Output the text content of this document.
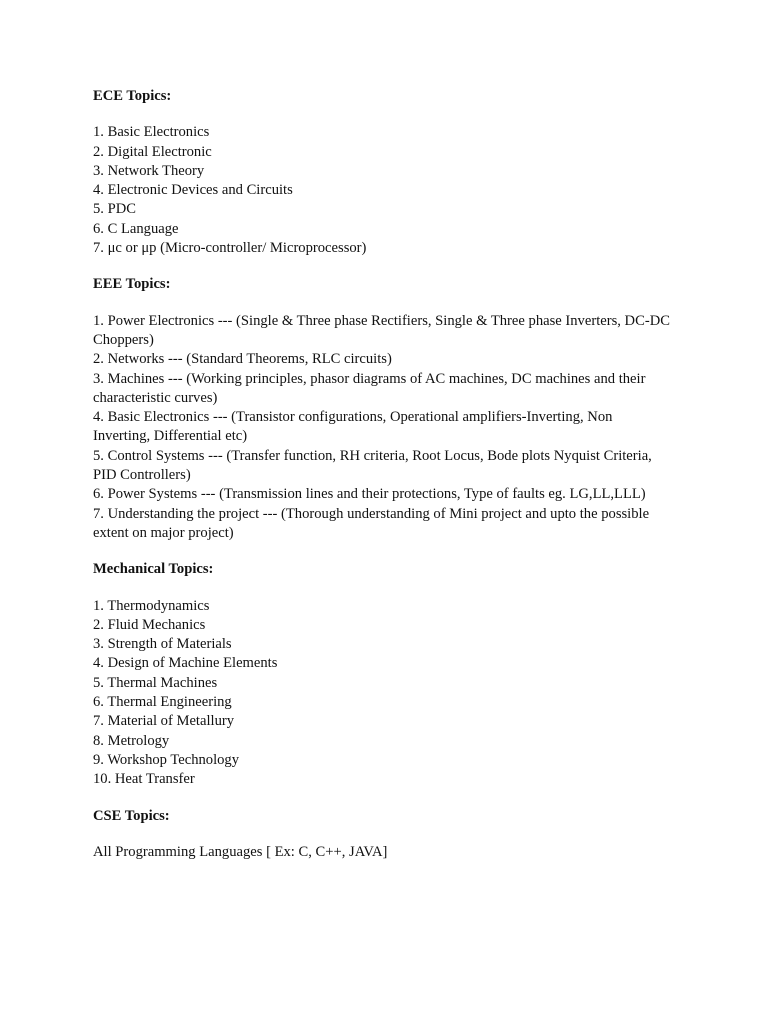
ECE Topics:

1. Basic Electronics
2. Digital Electronic
3. Network Theory
4. Electronic Devices and Circuits
5. PDC
6. C Language
7. μc or μp (Micro-controller/ Microprocessor)

EEE Topics:

1. Power Electronics --- (Single & Three phase Rectifiers, Single & Three phase Inverters, DC-DC Choppers)
2. Networks --- (Standard Theorems, RLC circuits)
3. Machines --- (Working principles, phasor diagrams of AC machines, DC machines and their characteristic curves)
4. Basic Electronics --- (Transistor configurations, Operational amplifiers-Inverting, Non Inverting, Differential etc)
5. Control Systems --- (Transfer function, RH criteria, Root Locus, Bode plots Nyquist Criteria, PID Controllers)
6. Power Systems --- (Transmission lines and their protections, Type of faults eg. LG,LL,LLL)
7. Understanding the project --- (Thorough understanding of Mini project and upto the possible extent on major project)

Mechanical Topics:

1. Thermodynamics
2. Fluid Mechanics
3. Strength of Materials
4. Design of Machine Elements
5. Thermal Machines
6. Thermal Engineering
7. Material of Metallury
8. Metrology
9. Workshop Technology
10. Heat Transfer

CSE Topics:

All Programming Languages [ Ex: C, C++, JAVA]
